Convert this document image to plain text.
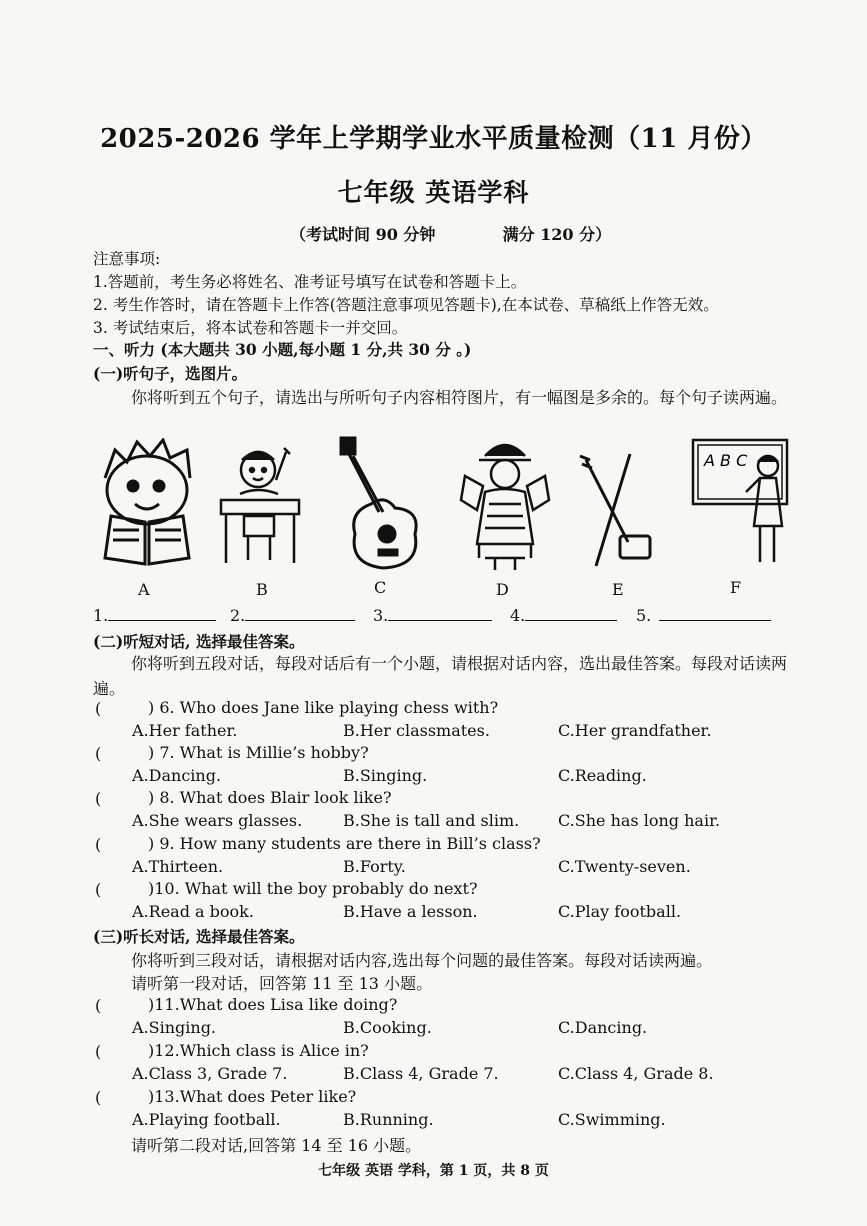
2025-2026 学年上学期学业水平质量检测（11 月份）
七年级 英语学科
（考试时间 90 分钟	满分 120 分）
注意事项:
1.答题前，考生务必将姓名、准考证号填写在试卷和答题卡上。
2. 考生作答时，请在答题卡上作答(答题注意事项见答题卡),在本试卷、草稿纸上作答无效。
3. 考试结束后，将本试卷和答题卡一并交回。
一、听力 (本大题共 30 小题,每小题 1 分,共 30 分 。)
(一)听句子，选图片。
你将听到五个句子，请选出与所听句子内容相符图片，有一幅图是多余的。每个句子读两遍。
A B C
A	B	C	D	E	F
1.	2.	3.	4.	5.
(二)听短对话, 选择最佳答案。
你将听到五段对话，每段对话后有一个小题，请根据对话内容，选出最佳答案。每段对话读两遍。
(	) 6. Who does Jane like playing chess with?
A.Her father.	B.Her classmates.	C.Her grandfather.
(	) 7. What is Millie’s hobby?
A.Dancing.	B.Singing.	C.Reading.
(	) 8. What does Blair look like?
A.She wears glasses.	B.She is tall and slim. C.She has long hair.
(	) 9. How many students are there in Bill’s class?
A.Thirteen.	B.Forty.	C.Twenty-seven.
(	)10. What will the boy probably do next?
A.Read a book.	B.Have a lesson.	C.Play football.
(三)听长对话, 选择最佳答案。
你将听到三段对话，请根据对话内容,选出每个问题的最佳答案。每段对话读两遍。
请听第一段对话，回答第 11 至 13 小题。
(	)11.What does Lisa like doing?
A.Singing.	B.Cooking.	C.Dancing.
(	)12.Which class is Alice in?
A.Class 3, Grade 7.	B.Class 4, Grade 7.	C.Class 4, Grade 8.
(	)13.What does Peter like?
A.Playing football.	B.Running.	C.Swimming.
请听第二段对话,回答第 14 至 16 小题。
七年级 英语 学科，第 1 页，共 8 页
